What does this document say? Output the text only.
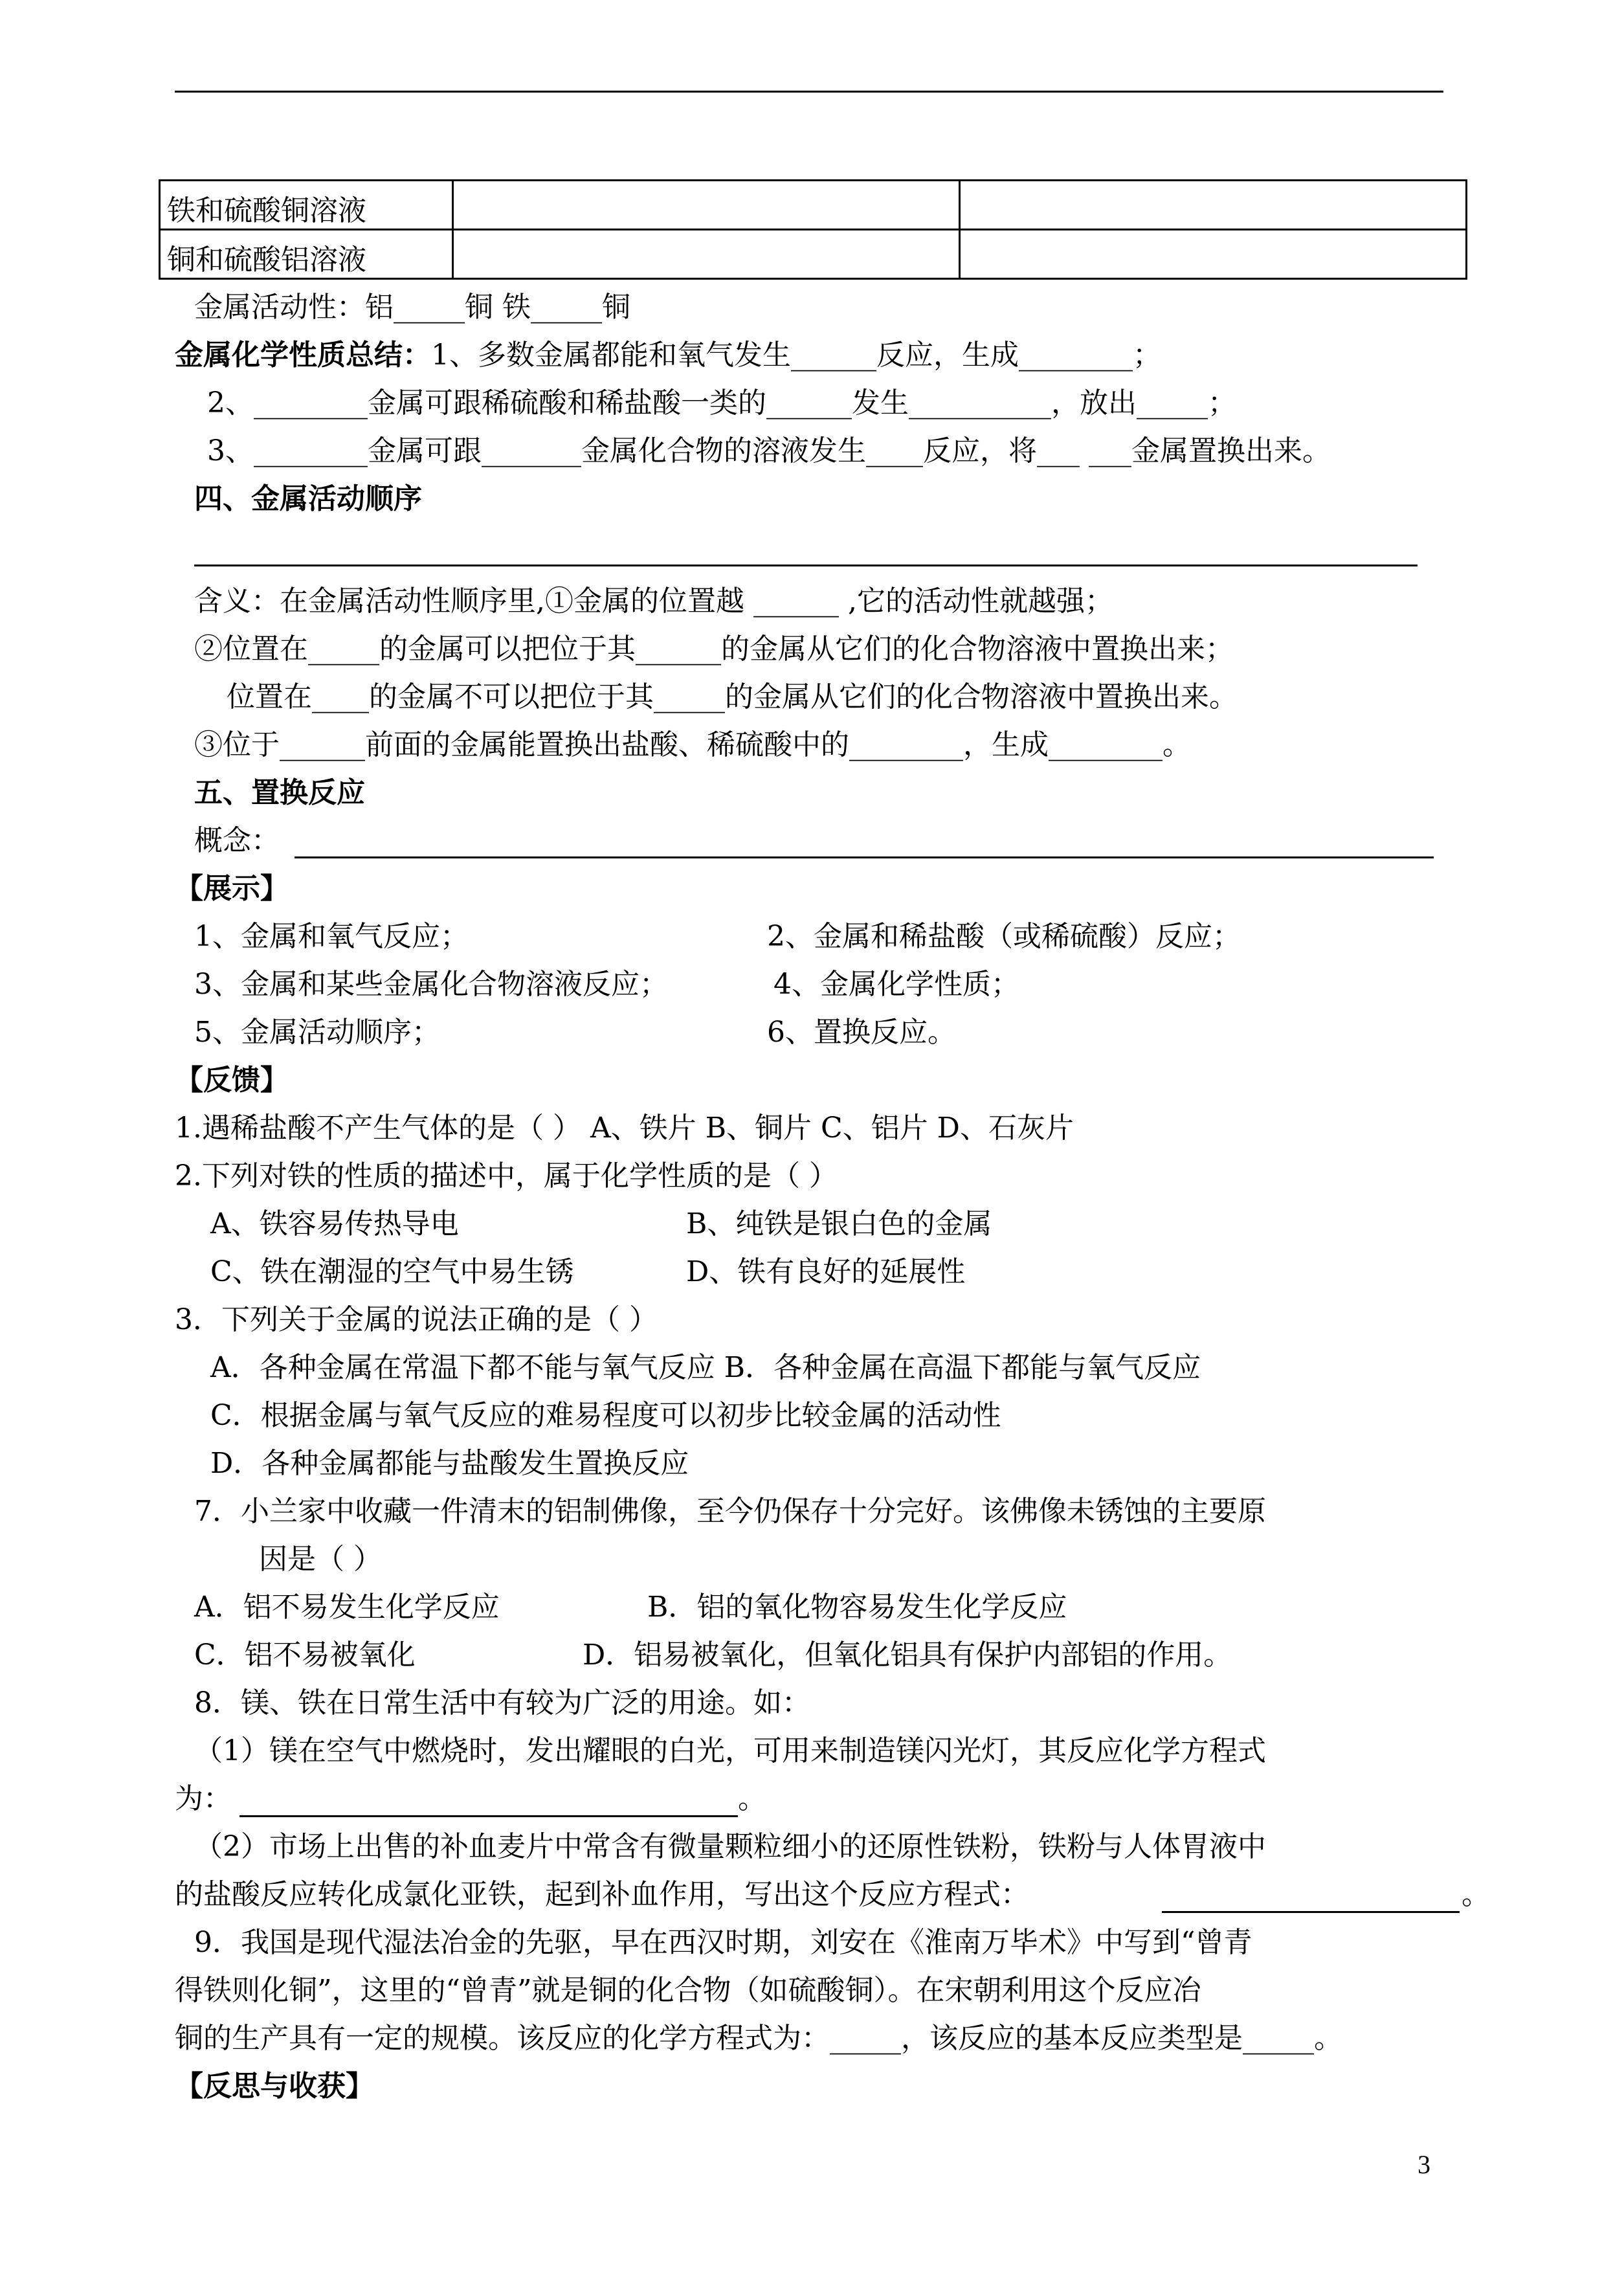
铁和硫酸铜溶液		
铜和硫酸铝溶液		
金属活动性：铝_____铜 铁_____铜
金属化学性质总结：1、多数金属都能和氧气发生______反应，生成________；
2、________金属可跟稀硫酸和稀盐酸一类的______发生__________，放出_____；
3、________金属可跟_______金属化合物的溶液发生____反应，将___ ___金属置换出来。
四、金属活动顺序
含义：在金属活动性顺序里,①金属的位置越 ______ ,它的活动性就越强；
②位置在_____的金属可以把位于其______的金属从它们的化合物溶液中置换出来；
位置在____的金属不可以把位于其_____的金属从它们的化合物溶液中置换出来。
③位于______前面的金属能置换出盐酸、稀硫酸中的________，生成________。
五、置换反应
概念：
【展示】
1、金属和氧气反应；	2、金属和稀盐酸（或稀硫酸）反应；
3、金属和某些金属化合物溶液反应；	4、金属化学性质；
5、金属活动顺序；	6、置换反应。
【反馈】
1.遇稀盐酸不产生气体的是（ ） A、铁片 B、铜片 C、铝片 D、石灰片
2.下列对铁的性质的描述中，属于化学性质的是（ ）
A、铁容易传热导电	B、纯铁是银白色的金属
C、铁在潮湿的空气中易生锈	D、铁有良好的延展性
3．下列关于金属的说法正确的是（ ）
A．各种金属在常温下都不能与氧气反应 B．各种金属在高温下都能与氧气反应
C．根据金属与氧气反应的难易程度可以初步比较金属的活动性
D．各种金属都能与盐酸发生置换反应
7．小兰家中收藏一件清末的铝制佛像，至今仍保存十分完好。该佛像未锈蚀的主要原
因是（ ）
A．铝不易发生化学反应	B．铝的氧化物容易发生化学反应
C．铝不易被氧化	D．铝易被氧化，但氧化铝具有保护内部铝的作用。
8．镁、铁在日常生活中有较为广泛的用途。如：
（1）镁在空气中燃烧时，发出耀眼的白光，可用来制造镁闪光灯，其反应化学方程式
为：	。
（2）市场上出售的补血麦片中常含有微量颗粒细小的还原性铁粉，铁粉与人体胃液中
的盐酸反应转化成氯化亚铁，起到补血作用，写出这个反应方程式：	。
9．我国是现代湿法冶金的先驱，早在西汉时期，刘安在《淮南万毕术》中写到“曾青
得铁则化铜”，这里的“曾青”就是铜的化合物（如硫酸铜）。在宋朝利用这个反应冶
铜的生产具有一定的规模。该反应的化学方程式为：_____，该反应的基本反应类型是_____。
【反思与收获】
3
